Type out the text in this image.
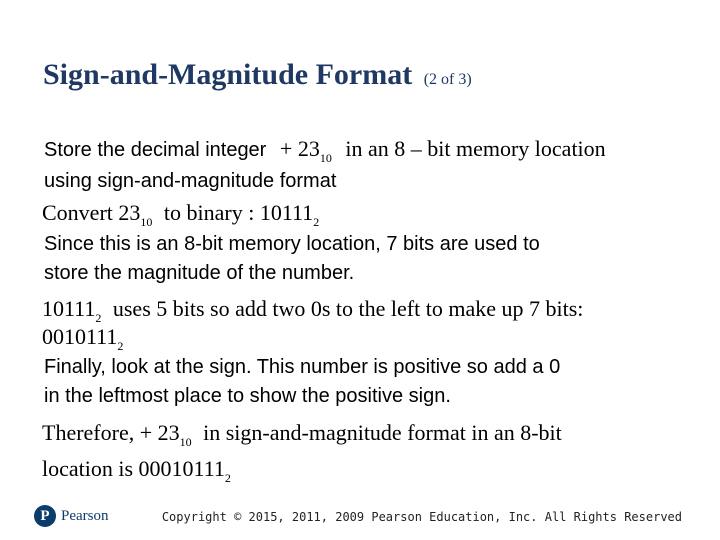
Sign-and-Magnitude Format (2 of 3)
Store the decimal integer + $23_{10}$ in an 8 – bit memory location
using sign-and-magnitude format
Convert $23_{10}$ to binary : $10111_2$
Since this is an 8-bit memory location, 7 bits are used to
store the magnitude of the number.
$10111_2$ uses 5 bits so add two 0s to the left to make up 7 bits:
$0010111_2$
Finally, look at the sign. This number is positive so add a 0
in the leftmost place to show the positive sign.
Therefore, + $23_{10}$ in sign-and-magnitude format in an 8-bit
location is $00010111_2$
P Pearson	Copyright © 2015, 2011, 2009 Pearson Education, Inc. All Rights Reserved
